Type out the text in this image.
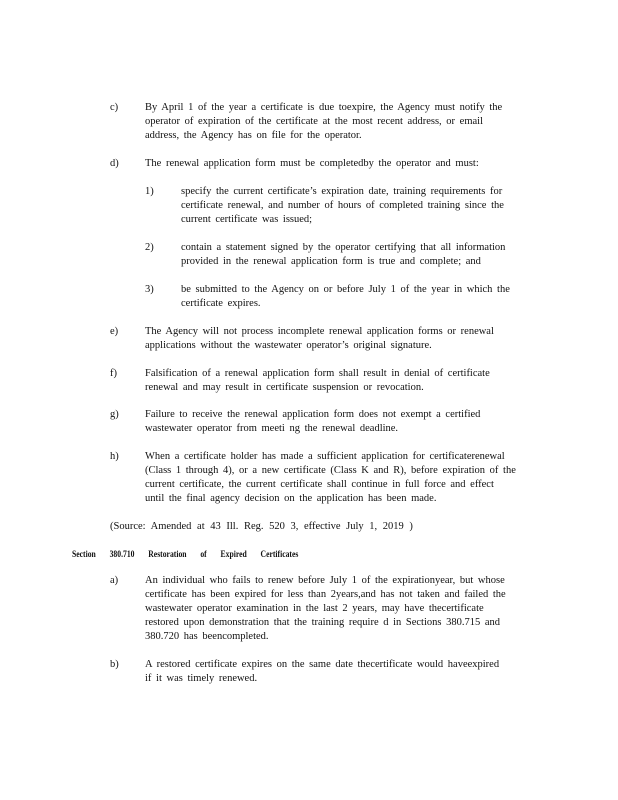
c)	By April 1 of the year a certificate is due toexpire, the Agency must notify the
operator of expiration of the certificate at the most recent address, or email
address, the Agency has on file for the operator.
d)	The renewal application form must be completedby the operator and must:
1)	specify the current certificate’s expiration date, training requirements for
certificate renewal, and number of hours of completed training since the
current certificate was issued;
2)	contain a statement signed by the operator certifying that all information
provided in the renewal application form is true and complete; and
3)	be submitted to the Agency on or before July 1 of the year in which the
certificate expires.
e)	The Agency will not process incomplete renewal application forms or renewal
applications without the wastewater operator’s original signature.
f)	Falsification of a renewal application form shall result in denial of certificate
renewal and may result in certificate suspension or revocation.
g)	Failure to receive the renewal application form does not exempt a certified
wastewater operator from meeti ng the renewal deadline.
h)	When a certificate holder has made a sufficient application for certificaterenewal
(Class 1 through 4), or a new certificate (Class K and R), before expiration of the
current certificate, the current certificate shall continue in full force and effect
until the final agency decision on the application has been made.
(Source: Amended at 43 Ill. Reg. 520 3, effective July 1, 2019 )
Section 380.710 Restoration of Expired Certificates
a)	An individual who fails to renew before July 1 of the expirationyear, but whose
certificate has been expired for less than 2years,and has not taken and failed the
wastewater operator examination in the last 2 years, may have thecertificate
restored upon demonstration that the training require d in Sections 380.715 and
380.720 has beencompleted.
b)	A restored certificate expires on the same date thecertificate would haveexpired
if it was timely renewed.
